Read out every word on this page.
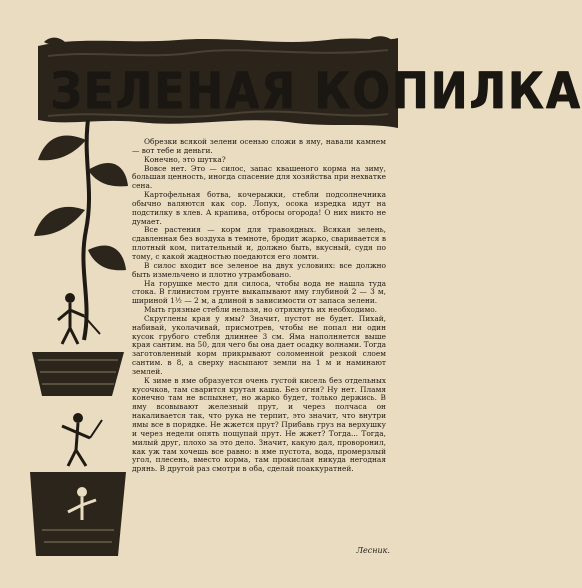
ЗЕЛЕНАЯ КОПИЛКА

Обрезки всякой зелени осенью сложи в яму, навали камнем — вот тебе и деньги.

Конечно, это шутка?

Вовсе нет. Это — силос, запас квашеного корма на зиму, большая ценность, иногда спасение для хозяйства при нехватке сена.

Картофельная ботва, кочерыжки, стебли подсолнечника обычно валяются как сор. Лопух, осока изредка идут на подстилку в хлев. А крапива, отбросы огорода! О них никто не думает.

Все растения — корм для травоядных. Всякая зелень, сдавленная без воздуха в темноте, бродит жарко, сваривается в плотный ком, питательный и, должно быть, вкусный, судя по тому, с какой жадностью поедаются его ломти.

В силос входит все зеленое на двух условиях: все должно быть измельчено и плотно утрамбовано.

На горушке место для силоса, чтобы вода не нашла туда стока. В глинистом грунте выкапывают яму глубиной 2 — 3 м, шириной 1½ — 2 м, а длиной в зависимости от запаса зелени.

Мыть грязные стебли нельзя, но отряхнуть их необходимо.

Скруглены края у ямы? Значит, пустот не будет. Пихай, набивай, уколачивай, присмотрев, чтобы не попал ни один кусок грубого стебля длиннее 3 см. Яма наполняется выше края сантим. на 50, для чего бы она дает осадку волнами. Тогда заготовленный корм прикрывают соломенной резкой слоем сантим. в 8, а сверху насыпают земли на 1 м и наминают землей.

К зиме в яме образуется очень густой кисель без отдельных кусочков, там сварится крутая каша. Без огня? Ну нет. Пламя конечно там не вспыхнет, но жарко будет, только держись. В яму всовывают железный прут, и через полчаса он накаливается так, что рука не терпит, это значит, что внутри ямы все в порядке. Не жжется прут? Прибавь груз на верхушку и через недели опять пощупай прут. Не жжет? Тогда... Тогда, милый друг, плохо за это дело. Значит, какую дал, проворонил, как уж там хочешь все равно: в яме пустота, вода, промерзлый угол, плесень, вместо корма, там прокислая никуда негодная дрянь. В другой раз смотри в оба, сделай поаккуратней.

Лесник.
